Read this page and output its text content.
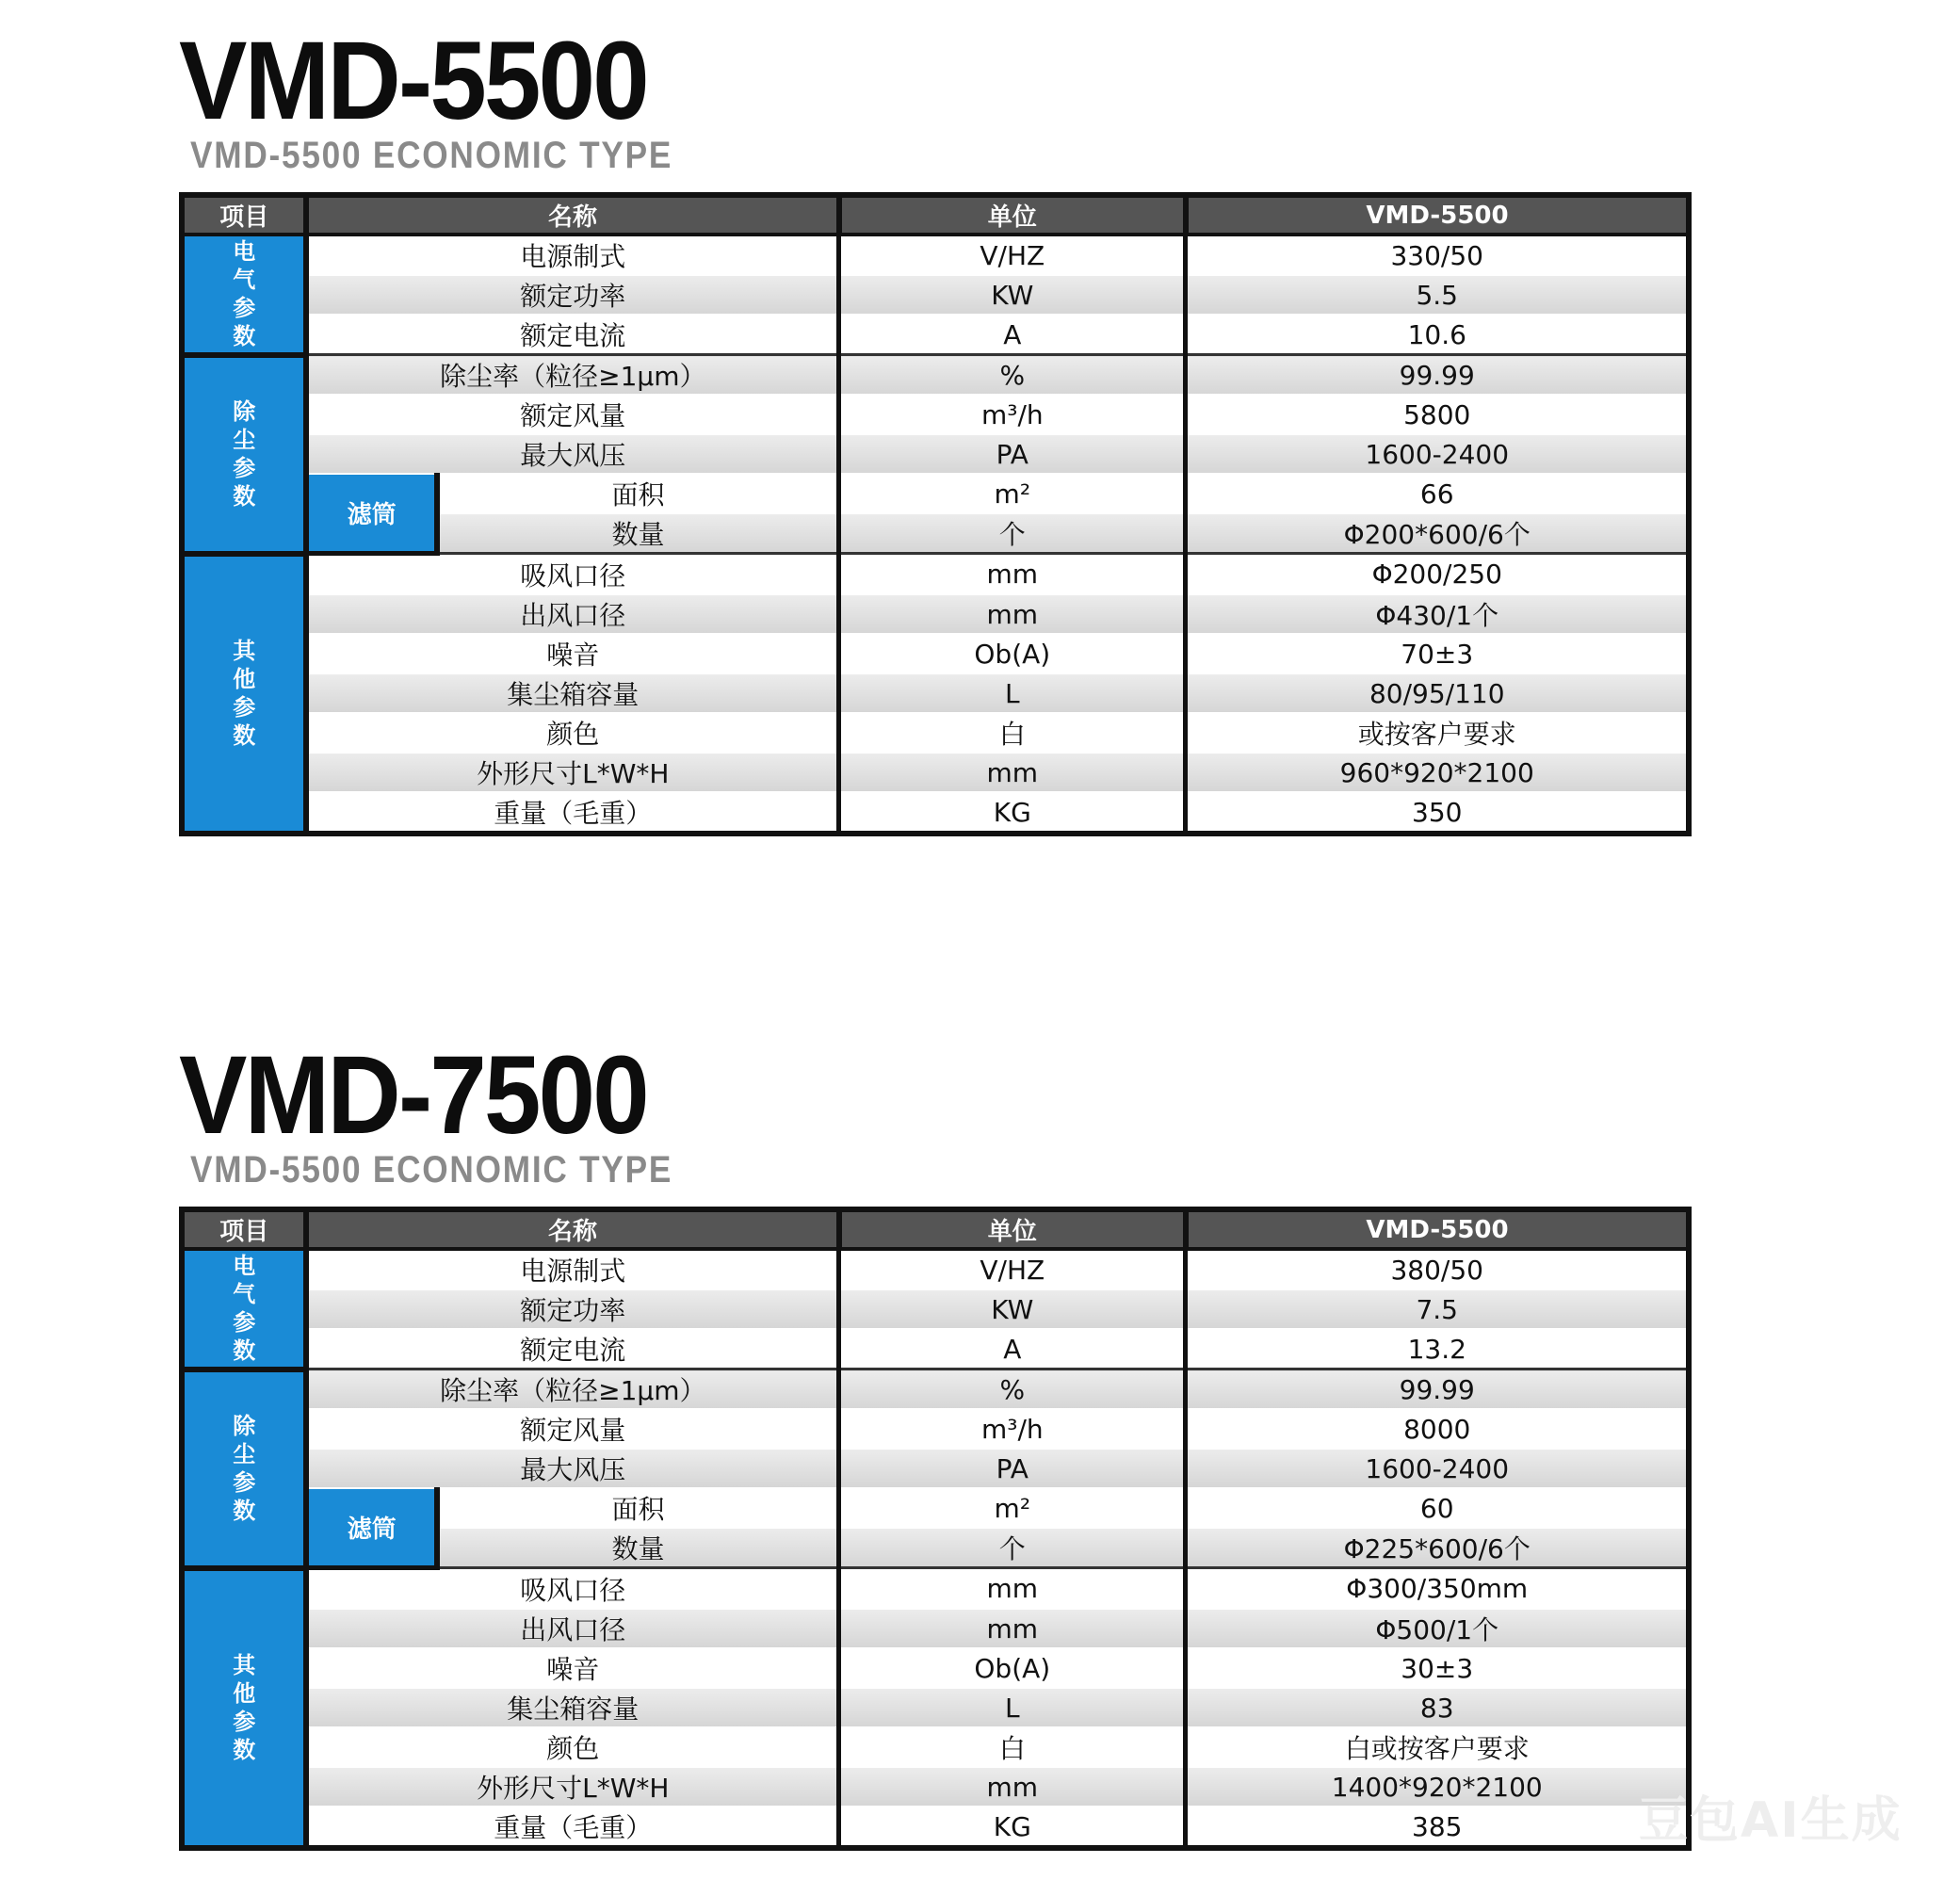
VMD-5500
VMD-5500 ECONOMIC TYPE
项目	名称		单位	VMD-5500
电气参数	电源制式		V/HZ	330/50
	额定功率		KW	5.5
	额定电流		A	10.6
除尘参数	除尘率（粒径≥1μm）		%	99.99
	额定风量		m³/h	5800
	最大风压		PA	1600-2400
	滤筒	面积	m²	66
		数量	个	Φ200*600/6个
其他参数	吸风口径		mm	Φ200/250
	出风口径		mm	Φ430/1个
	噪音		Ob(A)	70±3
	集尘箱容量		L	80/95/110
	颜色		白	或按客户要求
	外形尺寸L*W*H		mm	960*920*2100
	重量（毛重）		KG	350
VMD-7500
VMD-5500 ECONOMIC TYPE
项目	名称		单位	VMD-5500
电气参数	电源制式		V/HZ	380/50
	额定功率		KW	7.5
	额定电流		A	13.2
除尘参数	除尘率（粒径≥1μm）		%	99.99
	额定风量		m³/h	8000
	最大风压		PA	1600-2400
	滤筒	面积	m²	60
		数量	个	Φ225*600/6个
其他参数	吸风口径		mm	Φ300/350mm
	出风口径		mm	Φ500/1个
	噪音		Ob(A)	30±3
	集尘箱容量		L	83
	颜色		白	白或按客户要求
	外形尺寸L*W*H		mm	1400*920*2100
	重量（毛重）		KG	385	豆包AI生成
